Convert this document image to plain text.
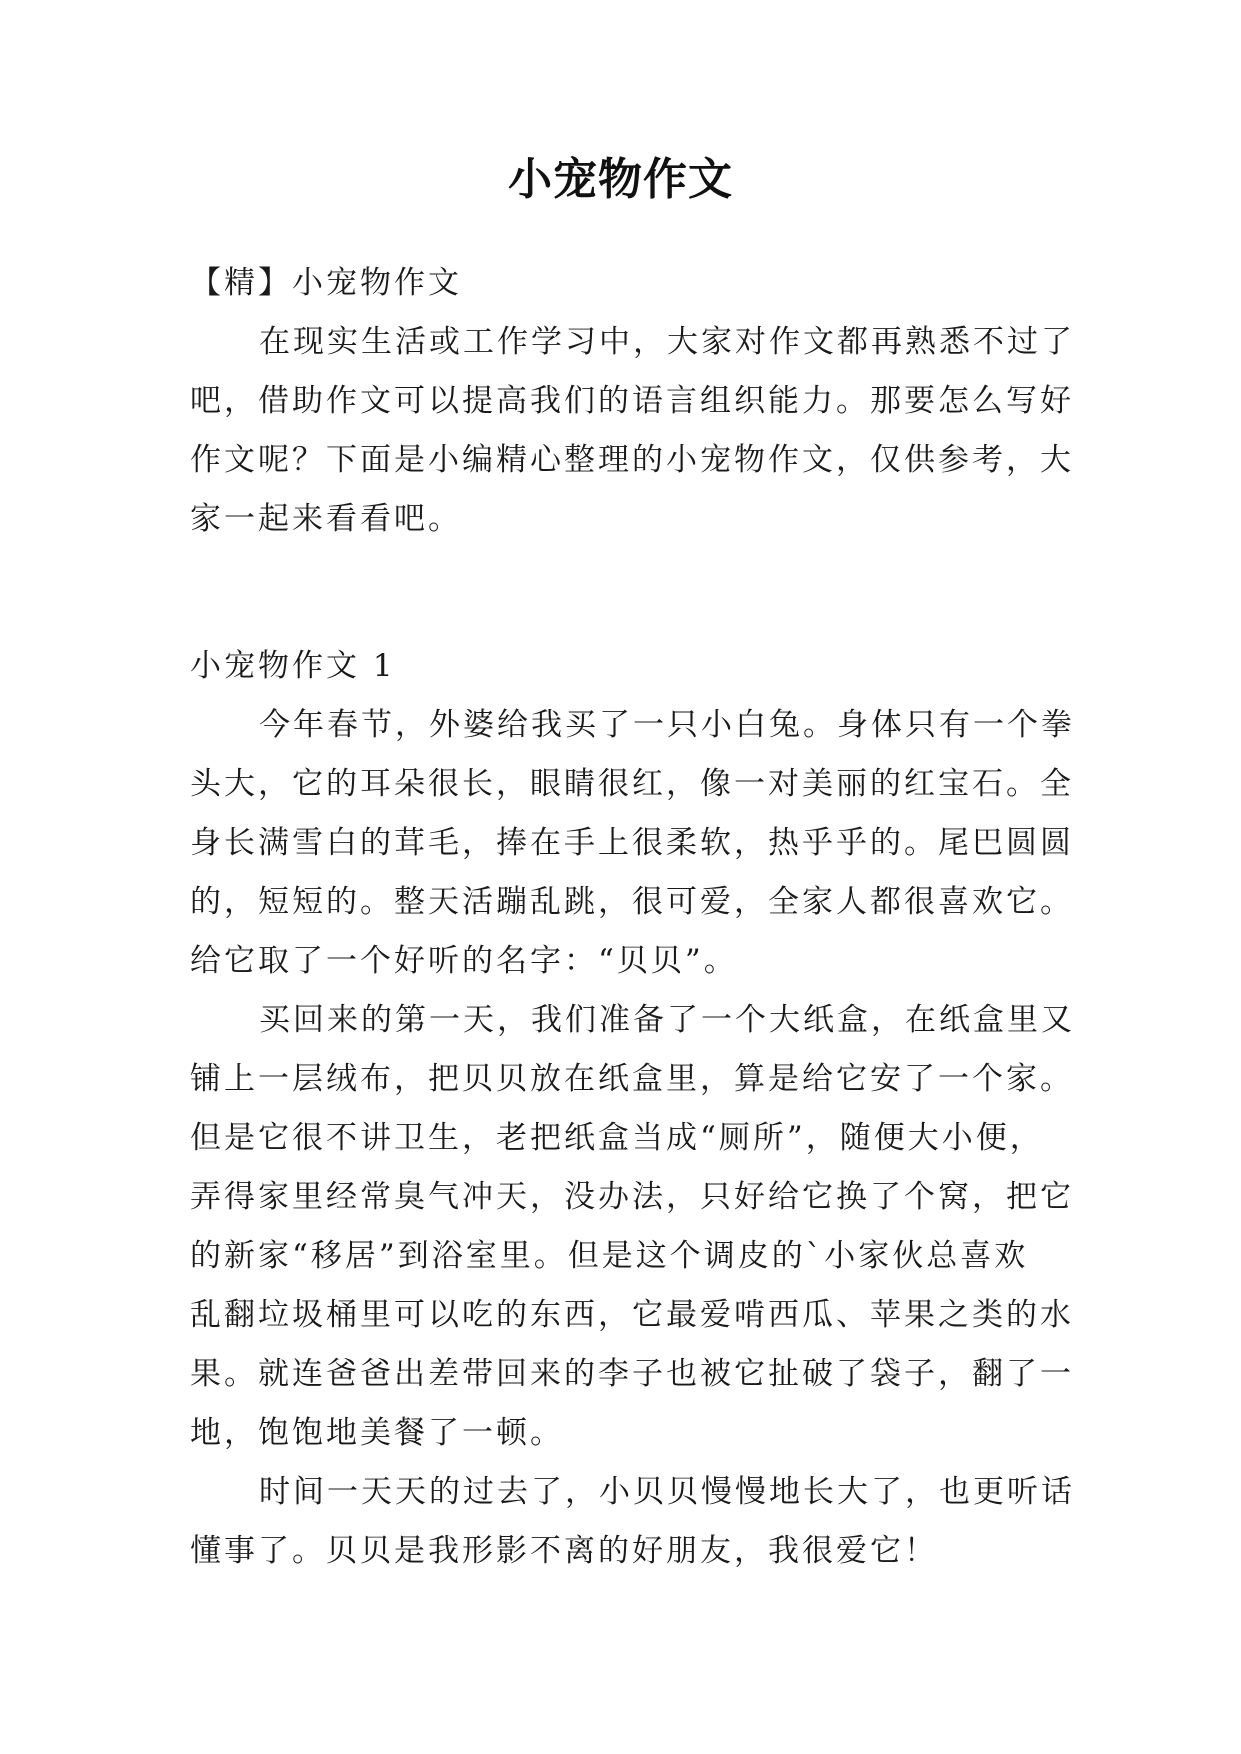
小宠物作文
【精】小宠物作文
在现实生活或工作学习中，大家对作文都再熟悉不过了
吧，借助作文可以提高我们的语言组织能力。那要怎么写好
作文呢？下面是小编精心整理的小宠物作文，仅供参考，大
家一起来看看吧。
小宠物作文 1
今年春节，外婆给我买了一只小白兔。身体只有一个拳
头大，它的耳朵很长，眼睛很红，像一对美丽的红宝石。全
身长满雪白的茸毛，捧在手上很柔软，热乎乎的。尾巴圆圆
的，短短的。整天活蹦乱跳，很可爱，全家人都很喜欢它。
给它取了一个好听的名字：“贝贝”。
买回来的第一天，我们准备了一个大纸盒，在纸盒里又
铺上一层绒布，把贝贝放在纸盒里，算是给它安了一个家。
但是它很不讲卫生，老把纸盒当成“厕所”，随便大小便，
弄得家里经常臭气冲天，没办法，只好给它换了个窝，把它
的新家“移居”到浴室里。但是这个调皮的`小家伙总喜欢
乱翻垃圾桶里可以吃的东西，它最爱啃西瓜、苹果之类的水
果。就连爸爸出差带回来的李子也被它扯破了袋子，翻了一
地，饱饱地美餐了一顿。
时间一天天的过去了，小贝贝慢慢地长大了，也更听话
懂事了。贝贝是我形影不离的好朋友，我很爱它！
